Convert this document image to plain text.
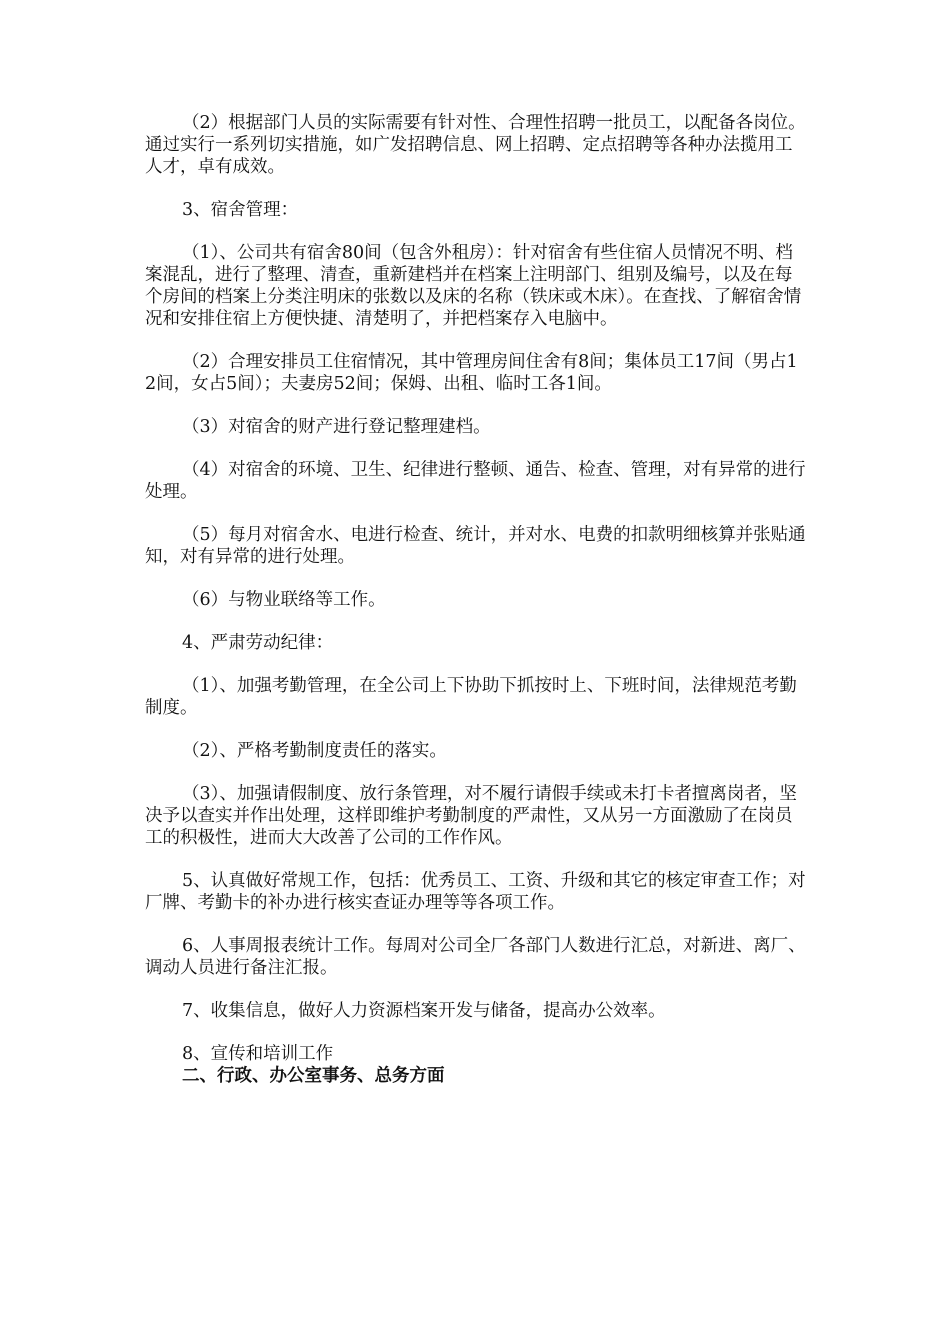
（2）根据部门人员的实际需要有针对性、合理性招聘一批员工，以配备各岗位。通过实行一系列切实措施，如广发招聘信息、网上招聘、定点招聘等各种办法揽用工人才，卓有成效。

3、宿舍管理：

（1）、公司共有宿舍80间（包含外租房）：针对宿舍有些住宿人员情况不明、档案混乱，进行了整理、清查，重新建档并在档案上注明部门、组别及编号，以及在每个房间的档案上分类注明床的张数以及床的名称（铁床或木床）。在查找、了解宿舍情况和安排住宿上方便快捷、清楚明了，并把档案存入电脑中。

（2）合理安排员工住宿情况，其中管理房间住舍有8间；集体员工17间（男占12间，女占5间）；夫妻房52间；保姆、出租、临时工各1间。

（3）对宿舍的财产进行登记整理建档。

（4）对宿舍的环境、卫生、纪律进行整顿、通告、检查、管理，对有异常的进行处理。

（5）每月对宿舍水、电进行检查、统计，并对水、电费的扣款明细核算并张贴通知，对有异常的进行处理。

（6）与物业联络等工作。

4、严肃劳动纪律：

（1）、加强考勤管理，在全公司上下协助下抓按时上、下班时间，法律规范考勤制度。

（2）、严格考勤制度责任的落实。

（3）、加强请假制度、放行条管理，对不履行请假手续或未打卡者擅离岗者，坚决予以查实并作出处理，这样即维护考勤制度的严肃性，又从另一方面激励了在岗员工的积极性，进而大大改善了公司的工作作风。

5、认真做好常规工作，包括：优秀员工、工资、升级和其它的核定审查工作；对厂牌、考勤卡的补办进行核实查证办理等等各项工作。

6、人事周报表统计工作。每周对公司全厂各部门人数进行汇总，对新进、离厂、调动人员进行备注汇报。

7、收集信息，做好人力资源档案开发与储备，提高办公效率。

8、宣传和培训工作

二、行政、办公室事务、总务方面
